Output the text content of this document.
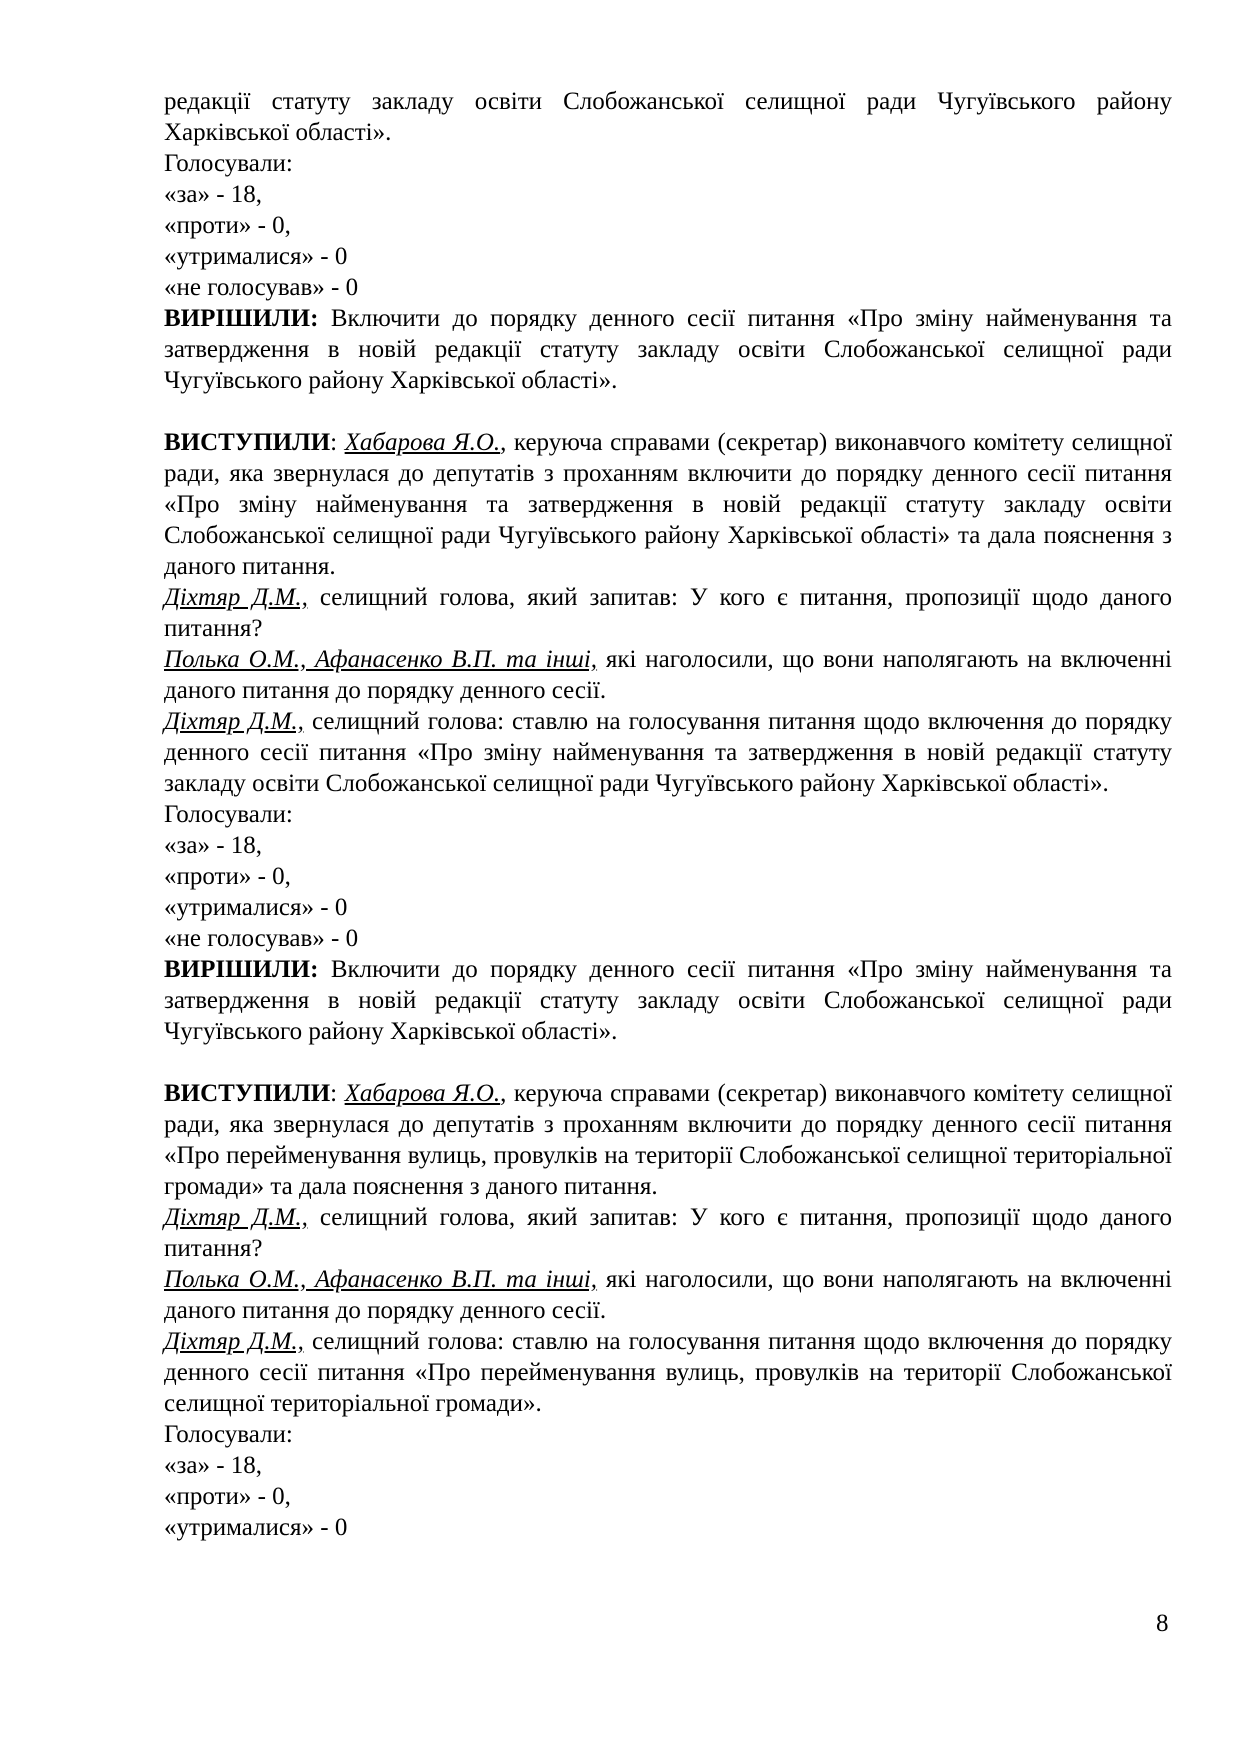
редакції статуту закладу освіти Слобожанської селищної ради Чугуївського району Харківської області».

Голосували:

«за» - 18,

«проти» - 0,

«утрималися» - 0

«не голосував» - 0

ВИРІШИЛИ: Включити до порядку денного сесії питання «Про зміну найменування та затвердження в новій редакції статуту закладу освіти Слобожанської селищної ради Чугуївського району Харківської області».

ВИСТУПИЛИ: Хабарова Я.О., керуюча справами (секретар) виконавчого комітету селищної ради, яка звернулася до депутатів з проханням включити до порядку денного сесії питання «Про зміну найменування та затвердження в новій редакції статуту закладу освіти Слобожанської селищної ради Чугуївського району Харківської області» та дала пояснення з даного питання.

Діхтяр Д.М., селищний голова, який запитав: У кого є питання, пропозиції щодо даного питання?

Полька О.М., Афанасенко В.П. та інші, які наголосили, що вони наполягають на включенні даного питання до порядку денного сесії.

Діхтяр Д.М., селищний голова: ставлю на голосування питання щодо включення до порядку денного сесії питання «Про зміну найменування та затвердження в новій редакції статуту закладу освіти Слобожанської селищної ради Чугуївського району Харківської області».

Голосували:

«за» - 18,

«проти» - 0,

«утрималися» - 0

«не голосував» - 0

ВИРІШИЛИ: Включити до порядку денного сесії питання «Про зміну найменування та затвердження в новій редакції статуту закладу освіти Слобожанської селищної ради Чугуївського району Харківської області».

ВИСТУПИЛИ: Хабарова Я.О., керуюча справами (секретар) виконавчого комітету селищної ради, яка звернулася до депутатів з проханням включити до порядку денного сесії питання «Про перейменування вулиць, провулків на території Слобожанської селищної територіальної громади» та дала пояснення з даного питання.

Діхтяр Д.М., селищний голова, який запитав: У кого є питання, пропозиції щодо даного питання?

Полька О.М., Афанасенко В.П. та інші, які наголосили, що вони наполягають на включенні даного питання до порядку денного сесії.

Діхтяр Д.М., селищний голова: ставлю на голосування питання щодо включення до порядку денного сесії питання «Про перейменування вулиць, провулків на території Слобожанської селищної територіальної громади».

Голосували:

«за» - 18,

«проти» - 0,

«утрималися» - 0

8
